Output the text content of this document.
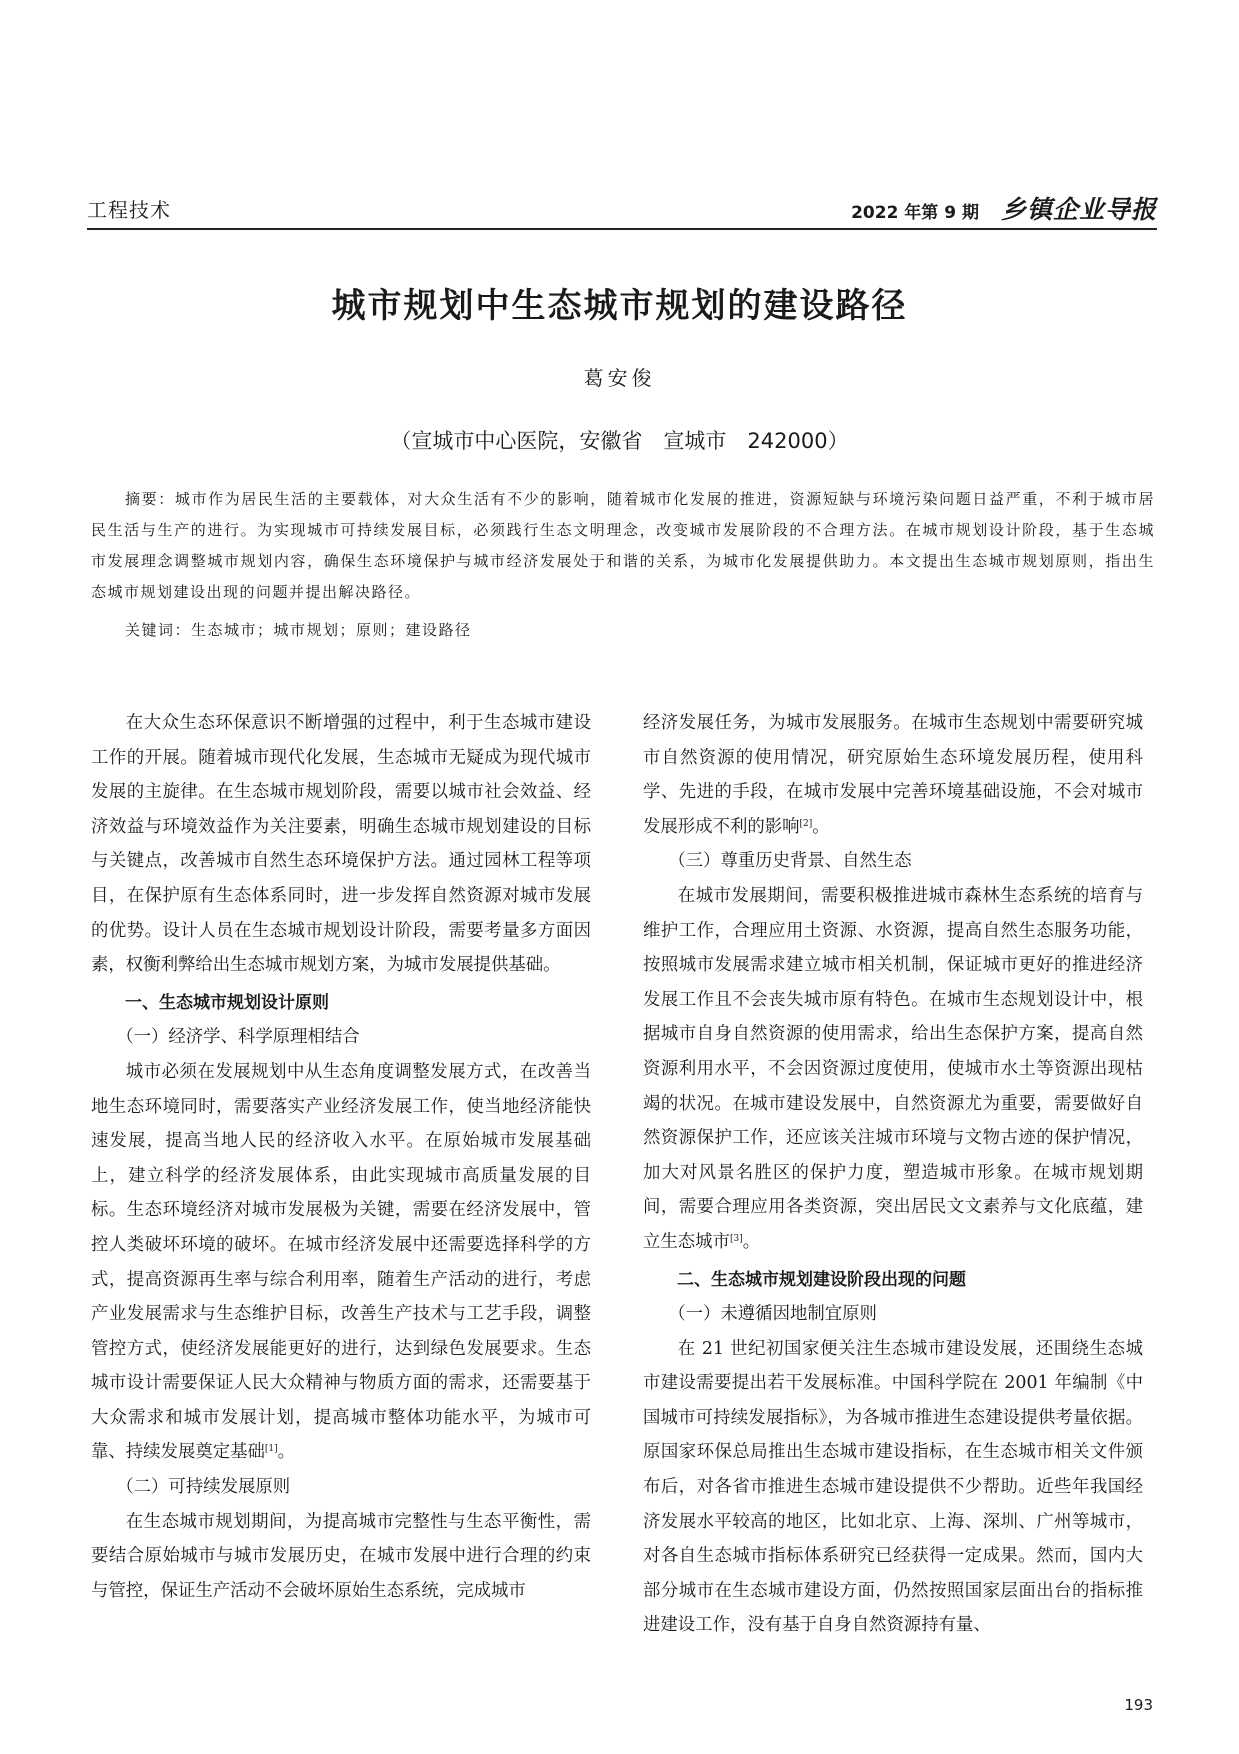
工程技术	2022 年第 9 期 乡镇企业导报
城市规划中生态城市规划的建设路径
葛安俊
（宣城市中心医院，安徽省　宣城市　242000）
摘要：城市作为居民生活的主要载体，对大众生活有不少的影响，随着城市化发展的推进，资源短缺与环境污染问题日益严重，不利于城市居民生活与生产的进行。为实现城市可持续发展目标，必须践行生态文明理念，改变城市发展阶段的不合理方法。在城市规划设计阶段，基于生态城市发展理念调整城市规划内容，确保生态环境保护与城市经济发展处于和谐的关系，为城市化发展提供助力。本文提出生态城市规划原则，指出生态城市规划建设出现的问题并提出解决路径。
关键词：生态城市；城市规划；原则；建设路径

在大众生态环保意识不断增强的过程中，利于生态城市建设工作的开展。随着城市现代化发展，生态城市无疑成为现代城市发展的主旋律。在生态城市规划阶段，需要以城市社会效益、经济效益与环境效益作为关注要素，明确生态城市规划建设的目标与关键点，改善城市自然生态环境保护方法。通过园林工程等项目，在保护原有生态体系同时，进一步发挥自然资源对城市发展的优势。设计人员在生态城市规划设计阶段，需要考量多方面因素，权衡利弊给出生态城市规划方案，为城市发展提供基础。

一、生态城市规划设计原则

（一）经济学、科学原理相结合

城市必须在发展规划中从生态角度调整发展方式，在改善当地生态环境同时，需要落实产业经济发展工作，使当地经济能快速发展，提高当地人民的经济收入水平。在原始城市发展基础上，建立科学的经济发展体系，由此实现城市高质量发展的目标。生态环境经济对城市发展极为关键，需要在经济发展中，管控人类破坏环境的破坏。在城市经济发展中还需要选择科学的方式，提高资源再生率与综合利用率，随着生产活动的进行，考虑产业发展需求与生态维护目标，改善生产技术与工艺手段，调整管控方式，使经济发展能更好的进行，达到绿色发展要求。生态城市设计需要保证人民大众精神与物质方面的需求，还需要基于大众需求和城市发展计划，提高城市整体功能水平，为城市可靠、持续发展奠定基础[1]。

（二）可持续发展原则

在生态城市规划期间，为提高城市完整性与生态平衡性，需要结合原始城市与城市发展历史，在城市发展中进行合理的约束与管控，保证生产活动不会破坏原始生态系统，完成城市

经济发展任务，为城市发展服务。在城市生态规划中需要研究城市自然资源的使用情况，研究原始生态环境发展历程，使用科学、先进的手段，在城市发展中完善环境基础设施，不会对城市发展形成不利的影响[2]。

（三）尊重历史背景、自然生态

在城市发展期间，需要积极推进城市森林生态系统的培育与维护工作，合理应用土资源、水资源，提高自然生态服务功能，按照城市发展需求建立城市相关机制，保证城市更好的推进经济发展工作且不会丧失城市原有特色。在城市生态规划设计中，根据城市自身自然资源的使用需求，给出生态保护方案，提高自然资源利用水平，不会因资源过度使用，使城市水土等资源出现枯竭的状况。在城市建设发展中，自然资源尤为重要，需要做好自然资源保护工作，还应该关注城市环境与文物古迹的保护情况，加大对风景名胜区的保护力度，塑造城市形象。在城市规划期间，需要合理应用各类资源，突出居民文文素养与文化底蕴，建立生态城市[3]。

二、生态城市规划建设阶段出现的问题

（一）未遵循因地制宜原则

在 21 世纪初国家便关注生态城市建设发展，还围绕生态城市建设需要提出若干发展标准。中国科学院在 2001 年编制《中国城市可持续发展指标》，为各城市推进生态建设提供考量依据。原国家环保总局推出生态城市建设指标，在生态城市相关文件颁布后，对各省市推进生态城市建设提供不少帮助。近些年我国经济发展水平较高的地区，比如北京、上海、深圳、广州等城市，对各自生态城市指标体系研究已经获得一定成果。然而，国内大部分城市在生态城市建设方面，仍然按照国家层面出台的指标推进建设工作，没有基于自身自然资源持有量、

193
